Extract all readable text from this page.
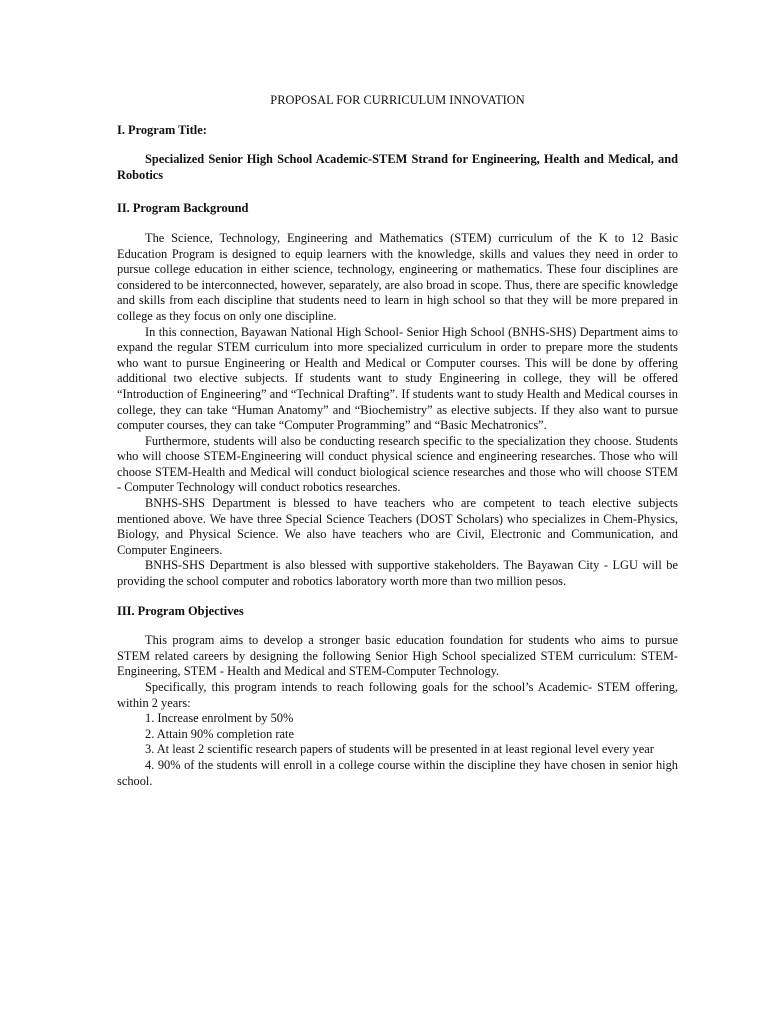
PROPOSAL FOR CURRICULUM INNOVATION
I. Program Title:
Specialized Senior High School Academic-STEM Strand for Engineering, Health and Medical, and Robotics
II. Program Background

The Science, Technology, Engineering and Mathematics (STEM) curriculum of the K to 12 Basic Education Program is designed to equip learners with the knowledge, skills and values they need in order to pursue college education in either science, technology, engineering or mathematics. These four disciplines are considered to be interconnected, however, separately, are also broad in scope. Thus, there are specific knowledge and skills from each discipline that students need to learn in high school so that they will be more prepared in college as they focus on only one discipline.

In this connection, Bayawan National High School- Senior High School (BNHS-SHS) Department aims to expand the regular STEM curriculum into more specialized curriculum in order to prepare more the students who want to pursue Engineering or Health and Medical or Computer courses. This will be done by offering additional two elective subjects. If students want to study Engineering in college, they will be offered “Introduction of Engineering” and “Technical Drafting”. If students want to study Health and Medical courses in college, they can take “Human Anatomy” and “Biochemistry” as elective subjects. If they also want to pursue computer courses, they can take “Computer Programming” and “Basic Mechatronics”.

Furthermore, students will also be conducting research specific to the specialization they choose. Students who will choose STEM-Engineering will conduct physical science and engineering researches. Those who will choose STEM-Health and Medical will conduct biological science researches and those who will choose STEM - Computer Technology will conduct robotics researches.

BNHS-SHS Department is blessed to have teachers who are competent to teach elective subjects mentioned above. We have three Special Science Teachers (DOST Scholars) who specializes in Chem-Physics, Biology, and Physical Science. We also have teachers who are Civil, Electronic and Communication, and Computer Engineers.

BNHS-SHS Department is also blessed with supportive stakeholders. The Bayawan City - LGU will be providing the school computer and robotics laboratory worth more than two million pesos.

III. Program Objectives

This program aims to develop a stronger basic education foundation for students who aims to pursue STEM related careers by designing the following Senior High School specialized STEM curriculum: STEM-Engineering, STEM - Health and Medical and STEM-Computer Technology.

Specifically, this program intends to reach following goals for the school’s Academic- STEM offering, within 2 years:

1. Increase enrolment by 50%

2. Attain 90% completion rate

3. At least 2 scientific research papers of students will be presented in at least regional level every year

4. 90% of the students will enroll in a college course within the discipline they have chosen in senior high school.
